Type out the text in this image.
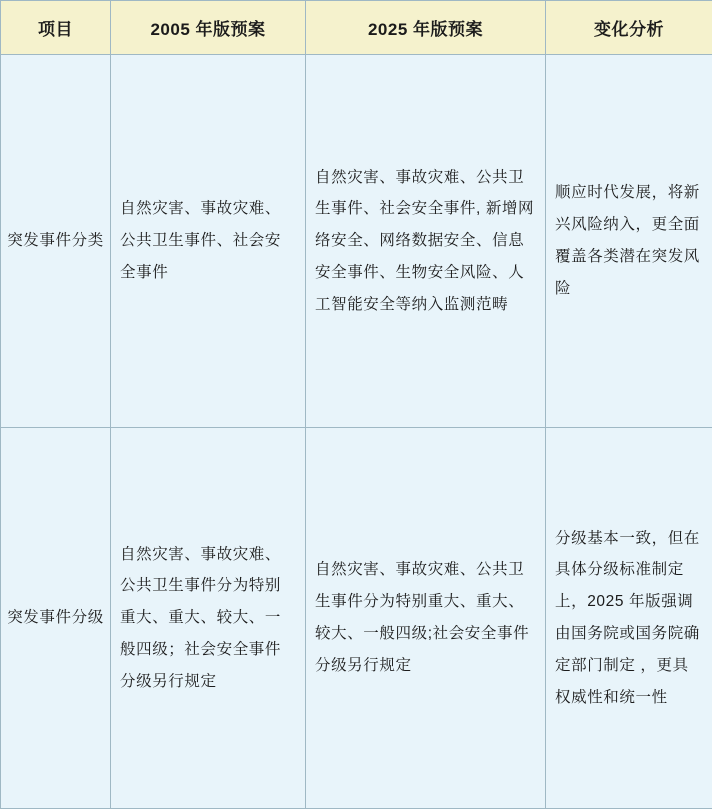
项目	2005 年版预案	2025 年版预案	变化分析
突发事件分类	自然灾害、事故灾难、公共卫生事件、社会安全事件	自然灾害、事故灾难、公共卫生事件、社会安全事件, 新增网络安全、网络数据安全、信息安全事件、生物安全风险、人工智能安全等纳入监测范畴	顺应时代发展，将新兴风险纳入，更全面覆盖各类潜在突发风险
突发事件分级	自然灾害、事故灾难、公共卫生事件分为特别重大、重大、较大、一般四级；社会安全事件分级另行规定	自然灾害、事故灾难、公共卫生事件分为特别重大、重大、较大、一般四级;社会安全事件分级另行规定	分级基本一致，但在具体分级标准制定上，2025 年版强调由国务院或国务院确定部门制定 ，更具权威性和统一性
